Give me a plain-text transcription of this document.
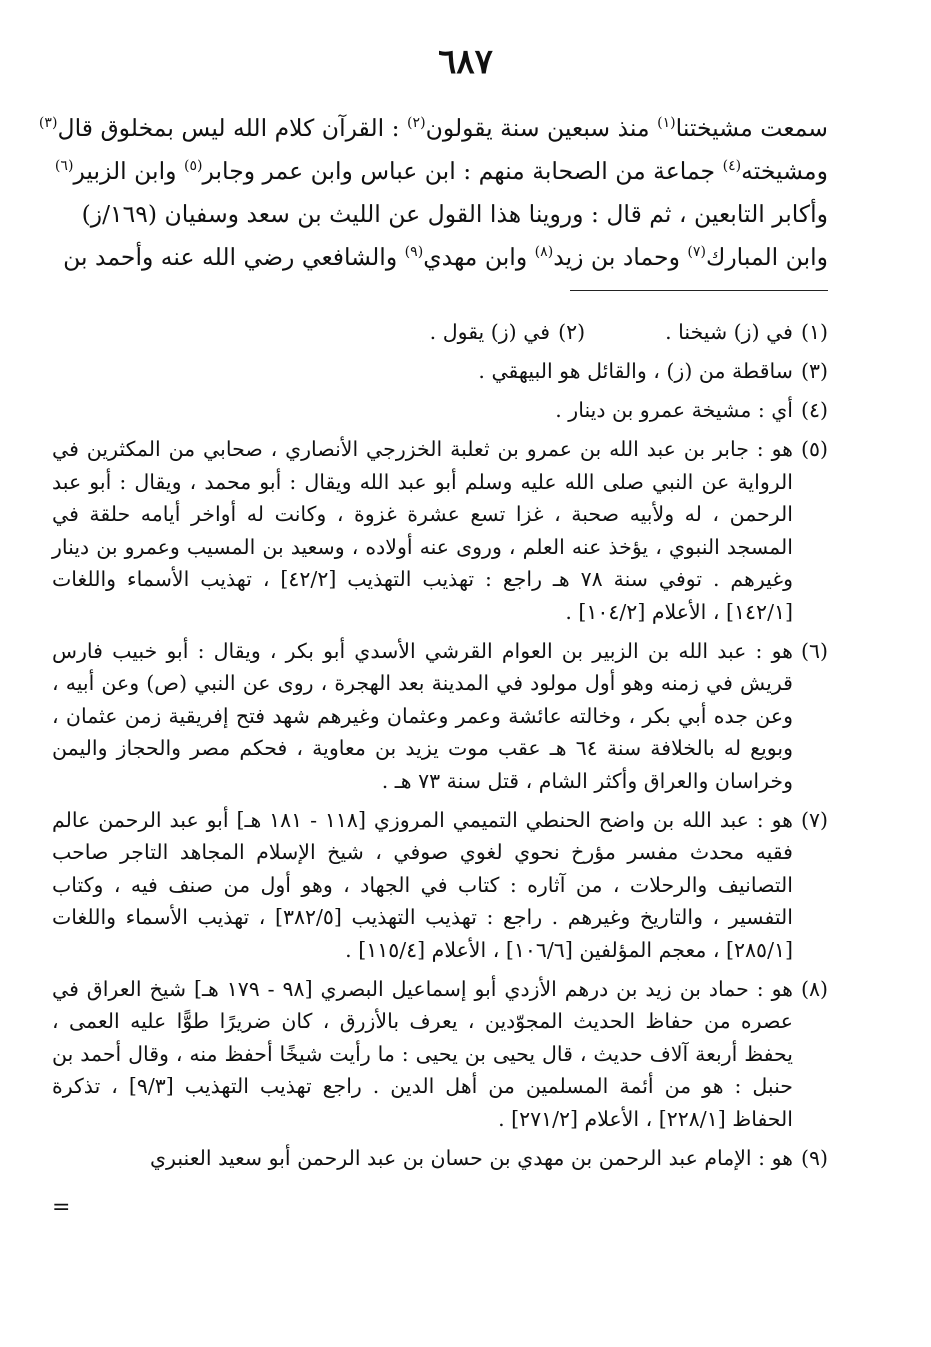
٦٨٧
سمعت مشيختنا$^{(١)}$ منذ سبعين سنة يقولون$^{(٢)}$ : القرآن كلام الله ليس بمخلوق قال$^{(٣)}$
ومشيخته$^{(٤)}$ جماعة من الصحابة منهم : ابن عباس وابن عمر وجابر$^{(٥)}$ وابن الزبير$^{(٦)}$
وأكابر التابعين ، ثم قال : وروينا هذا القول عن الليث بن سعد وسفيان (١٦٩/ز)
وابن المبارك$^{(٧)}$ وحماد بن زيد$^{(٨)}$ وابن مهدي$^{(٩)}$ والشافعي رضي الله عنه وأحمد بن
(١)في (ز) شيخنا .
(٢)في (ز) يقول .
(٣)
ساقطة من (ز) ، والقائل هو البيهقي .
(٤)
أي : مشيخة عمرو بن دينار .
(٥)
هو : جابر بن عبد الله بن عمرو بن ثعلبة الخزرجي الأنصاري ، صحابي من المكثرين في الرواية عن النبي صلى الله عليه وسلم أبو عبد الله ويقال : أبو محمد ، ويقال : أبو عبد الرحمن ، له ولأبيه صحبة ، غزا تسع عشرة غزوة ، وكانت له أواخر أيامه حلقة في المسجد النبوي ، يؤخذ عنه العلم ، وروى عنه أولاده ، وسعيد بن المسيب وعمرو بن دينار وغيرهم . توفي سنة ٧٨ هـ راجع : تهذيب التهذيب [٤٢/٢] ، تهذيب الأسماء واللغات [١٤٢/١] ، الأعلام [١٠٤/٢] .
(٦)
هو : عبد الله بن الزبير بن العوام القرشي الأسدي أبو بكر ، ويقال : أبو خبيب فارس قريش في زمنه وهو أول مولود في المدينة بعد الهجرة ، روى عن النبي (ص) وعن أبيه ، وعن جده أبي بكر ، وخالته عائشة وعمر وعثمان وغيرهم شهد فتح إفريقية زمن عثمان ، وبويع له بالخلافة سنة ٦٤ هـ عقب موت يزيد بن معاوية ، فحكم مصر والحجاز واليمن وخراسان والعراق وأكثر الشام ، قتل سنة ٧٣ هـ .
(٧)
هو : عبد الله بن واضح الحنطي التميمي المروزي [١١٨ - ١٨١ هـ] أبو عبد الرحمن عالم فقيه محدث مفسر مؤرخ نحوي لغوي صوفي ، شيخ الإسلام المجاهد التاجر صاحب التصانيف والرحلات ، من آثاره : كتاب في الجهاد ، وهو أول من صنف فيه ، وكتاب التفسير ، والتاريخ وغيرهم . راجع : تهذيب التهذيب [٣٨٢/٥] ، تهذيب الأسماء واللغات [٢٨٥/١] ، معجم المؤلفين [١٠٦/٦] ، الأعلام [١١٥/٤] .
(٨)
هو : حماد بن زيد بن درهم الأزدي أبو إسماعيل البصري [٩٨ - ١٧٩ هـ] شيخ العراق في عصره من حفاظ الحديث المجوّدين ، يعرف بالأزرق ، كان ضريرًا طوًّا عليه العمى ، يحفظ أربعة آلاف حديث ، قال يحيى بن يحيى : ما رأيت شيخًا أحفظ منه ، وقال أحمد بن حنبل : هو من أئمة المسلمين من أهل الدين . راجع تهذيب التهذيب [٩/٣] ، تذكرة الحفاظ [٢٢٨/١] ، الأعلام [٢٧١/٢] .
(٩)
هو : الإمام عبد الرحمن بن مهدي بن حسان بن عبد الرحمن أبو سعيد العنبري
=
